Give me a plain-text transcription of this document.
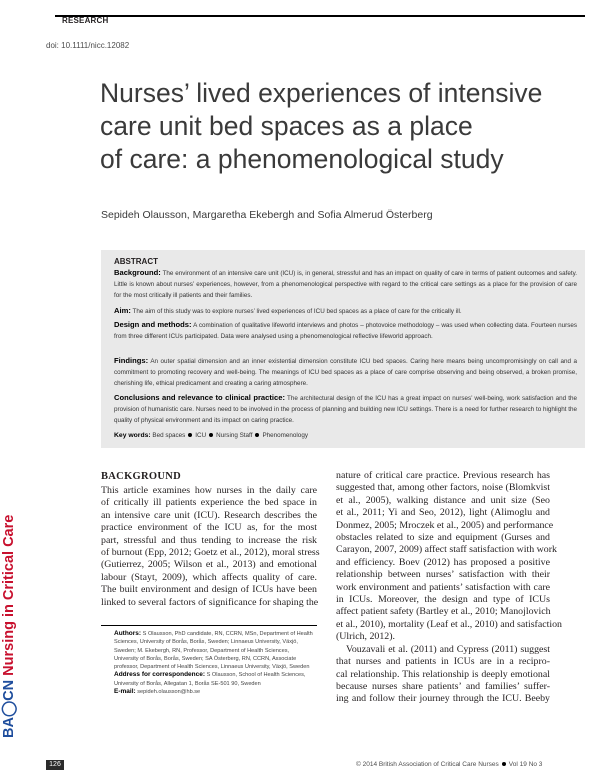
RESEARCH
doi: 10.1111/nicc.12082
Nurses’ lived experiences of intensive
care unit bed spaces as a place
of care: a phenomenological study
Sepideh Olausson, Margaretha Ekebergh and Sofia Almerud Österberg
ABSTRACT
Background: The environment of an intensive care unit (ICU) is, in general, stressful and has an impact on quality of care in terms of patient outcomes and safety. Little is known about nurses’ experiences, however, from a phenomenological perspective with regard to the critical care settings as a place for the provision of care for the most critically ill patients and their families.
Aim: The aim of this study was to explore nurses’ lived experiences of ICU bed spaces as a place of care for the critically ill.
Design and methods: A combination of qualitative lifeworld interviews and photos – photovoice methodology – was used when collecting data. Fourteen nurses from three different ICUs participated. Data were analysed using a phenomenological reflective lifeworld approach.
Findings: An outer spatial dimension and an inner existential dimension constitute ICU bed spaces. Caring here means being uncompromisingly on call and a commitment to promoting recovery and well-being. The meanings of ICU bed spaces as a place of care comprise observing and being observed, a broken promise, cherishing life, ethical predicament and creating a caring atmosphere.
Conclusions and relevance to clinical practice: The architectural design of the ICU has a great impact on nurses’ well-being, work satisfaction and the provision of humanistic care. Nurses need to be involved in the process of planning and building new ICU settings. There is a need for further research to highlight the quality of physical environment and its impact on caring practice.
Key words: Bed spaces ICU Nursing Staff Phenomenology
BA◯CN Nursing in Critical Care
BACKGROUND
This article examines how nurses in the daily care
of critically ill patients experience the bed space in
an intensive care unit (ICU). Research describes the
practice environment of the ICU as, for the most
part, stressful and thus tending to increase the risk
of burnout (Epp, 2012; Goetz et al., 2012), moral stress
(Gutierrez, 2005; Wilson et al., 2013) and emotional
labour (Stayt, 2009), which affects quality of care.
The built environment and design of ICUs have been
linked to several factors of significance for shaping the
nature of critical care practice. Previous research has
suggested that, among other factors, noise (Blomkvist
et al., 2005), walking distance and unit size (Seo
et al., 2011; Yi and Seo, 2012), light (Alimoglu and
Donmez, 2005; Mroczek et al., 2005) and performance
obstacles related to size and equipment (Gurses and
Carayon, 2007, 2009) affect staff satisfaction with work
and efficiency. Boev (2012) has proposed a positive
relationship between nurses’ satisfaction with their
work environment and patients’ satisfaction with care
in ICUs. Moreover, the design and type of ICUs
affect patient safety (Bartley et al., 2010; Manojlovich
et al., 2010), mortality (Leaf et al., 2010) and satisfaction
(Ulrich, 2012).
Vouzavali et al. (2011) and Cypress (2011) suggest
that nurses and patients in ICUs are in a recipro-
cal relationship. This relationship is deeply emotional
because nurses share patients’ and families’ suffer-
ing and follow their journey through the ICU. Beeby
Authors: S Olausson, PhD candidate, RN, CCRN, MSn, Department of Health Sciences, University of Borås, Borås, Sweden; Linnaeus University, Växjö, Sweden; M. Ekebergh, RN, Professor, Department of Health Sciences, University of Borås, Borås, Sweden; SA Österberg, RN, CCRN, Associate professor, Department of Health Sciences, Linnaeus University, Växjö, Sweden
Address for correspondence: S Olausson, School of Health Sciences, University of Borås, Allegatan 1, Borås SE-501 90, Sweden
E-mail: sepideh.olausson@hb.se
126	© 2014 British Association of Critical Care Nurses Vol 19 No 3
